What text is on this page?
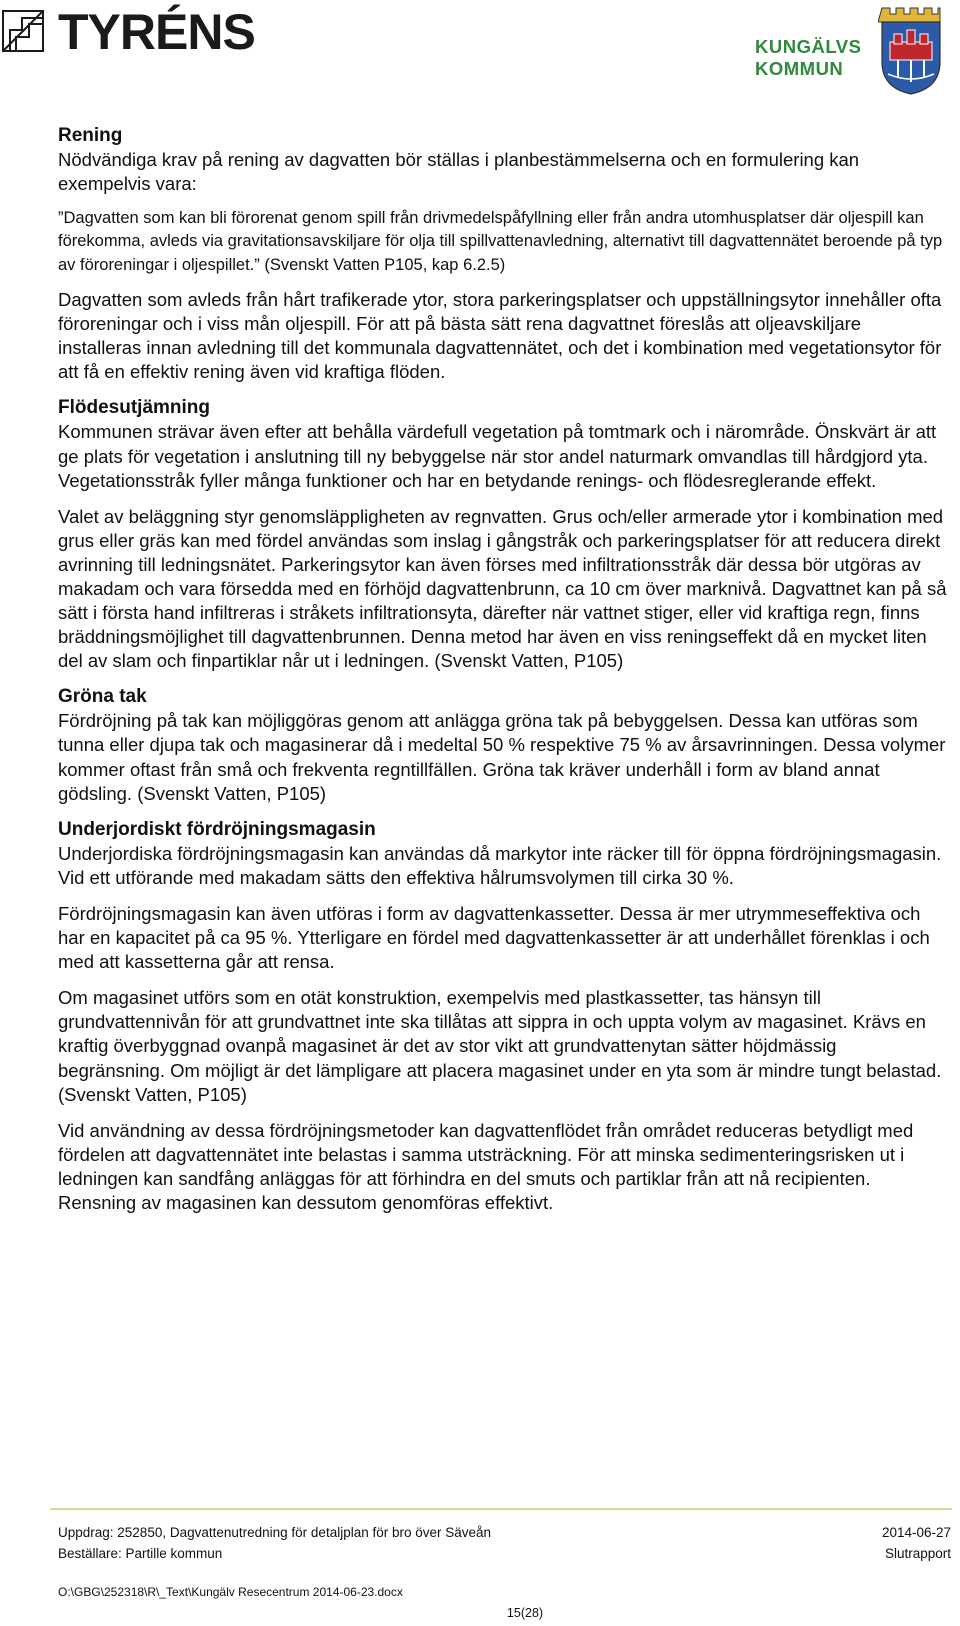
TYRÉNS	KUNGÄLVS
KOMMUN
Rening

Nödvändiga krav på rening av dagvatten bör ställas i planbestämmelserna och en formulering kan exempelvis vara:

”Dagvatten som kan bli förorenat genom spill från drivmedelspåfyllning eller från andra utomhusplatser där oljespill kan förekomma, avleds via gravitationsavskiljare för olja till spillvattenavledning, alternativt till dagvattennätet beroende på typ av föroreningar i oljespillet.” (Svenskt Vatten P105, kap 6.2.5)

Dagvatten som avleds från hårt trafikerade ytor, stora parkeringsplatser och uppställningsytor innehåller ofta föroreningar och i viss mån oljespill. För att på bästa sätt rena dagvattnet föreslås att oljeavskiljare installeras innan avledning till det kommunala dagvattennätet, och det i kombination med vegetationsytor för att få en effektiv rening även vid kraftiga flöden.

Flödesutjämning

Kommunen strävar även efter att behålla värdefull vegetation på tomtmark och i närområde. Önskvärt är att ge plats för vegetation i anslutning till ny bebyggelse när stor andel naturmark omvandlas till hårdgjord yta. Vegetationsstråk fyller många funktioner och har en betydande renings- och flödesreglerande effekt.

Valet av beläggning styr genomsläppligheten av regnvatten. Grus och/eller armerade ytor i kombination med grus eller gräs kan med fördel användas som inslag i gångstråk och parkeringsplatser för att reducera direkt avrinning till ledningsnätet. Parkeringsytor kan även förses med infiltrationsstråk där dessa bör utgöras av makadam och vara försedda med en förhöjd dagvattenbrunn, ca 10 cm över marknivå. Dagvattnet kan på så sätt i första hand infiltreras i stråkets infiltrationsyta, därefter när vattnet stiger, eller vid kraftiga regn, finns bräddningsmöjlighet till dagvattenbrunnen. Denna metod har även en viss reningseffekt då en mycket liten del av slam och finpartiklar når ut i ledningen. (Svenskt Vatten, P105)

Gröna tak

Fördröjning på tak kan möjliggöras genom att anlägga gröna tak på bebyggelsen. Dessa kan utföras som tunna eller djupa tak och magasinerar då i medeltal 50 % respektive 75 % av årsavrinningen. Dessa volymer kommer oftast från små och frekventa regntillfällen. Gröna tak kräver underhåll i form av bland annat gödsling. (Svenskt Vatten, P105)

Underjordiskt fördröjningsmagasin

Underjordiska fördröjningsmagasin kan användas då markytor inte räcker till för öppna fördröjningsmagasin. Vid ett utförande med makadam sätts den effektiva hålrumsvolymen till cirka 30 %.

Fördröjningsmagasin kan även utföras i form av dagvattenkassetter. Dessa är mer utrymmeseffektiva och har en kapacitet på ca 95 %. Ytterligare en fördel med dagvattenkassetter är att underhållet förenklas i och med att kassetterna går att rensa.

Om magasinet utförs som en otät konstruktion, exempelvis med plastkassetter, tas hänsyn till grundvattennivån för att grundvattnet inte ska tillåtas att sippra in och uppta volym av magasinet. Krävs en kraftig överbyggnad ovanpå magasinet är det av stor vikt att grundvattenytan sätter höjdmässig begränsning. Om möjligt är det lämpligare att placera magasinet under en yta som är mindre tungt belastad. (Svenskt Vatten, P105)

Vid användning av dessa fördröjningsmetoder kan dagvattenflödet från området reduceras betydligt med fördelen att dagvattennätet inte belastas i samma utsträckning. För att minska sedimenteringsrisken ut i ledningen kan sandfång anläggas för att förhindra en del smuts och partiklar från att nå recipienten. Rensning av magasinen kan dessutom genomföras effektivt.

Uppdrag: 252850, Dagvattenutredning för detaljplan för bro över Säveån	2014-06-27
Beställare: Partille kommun	Slutrapport
O:\GBG\252318\R\_Text\Kungälv Resecentrum 2014-06-23.docx
15(28)
